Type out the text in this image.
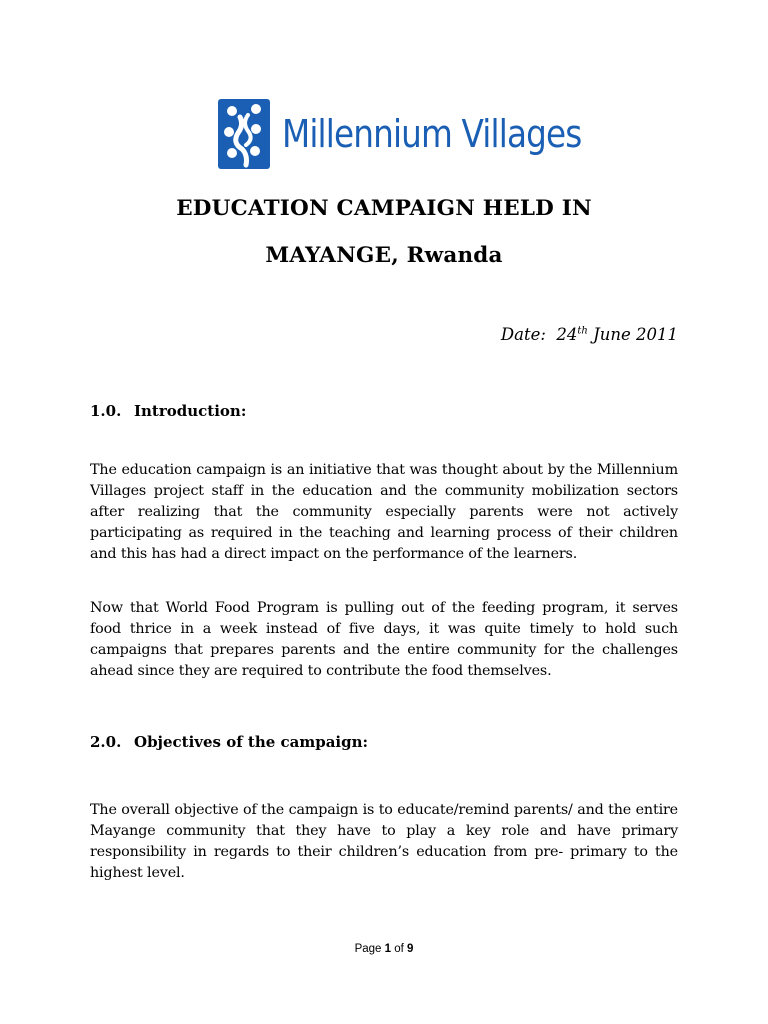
Millennium Villages
EDUCATION CAMPAIGN HELD IN
MAYANGE, Rwanda
Date: 24th June 2011
1.0. Introduction:

The education campaign is an initiative that was thought about by the Millennium Villages project staff in the education and the community mobilization sectors after realizing that the community especially parents were not actively participating as required in the teaching and learning process of their children and this has had a direct impact on the performance of the learners.

Now that World Food Program is pulling out of the feeding program, it serves food thrice in a week instead of five days, it was quite timely to hold such campaigns that prepares parents and the entire community for the challenges ahead since they are required to contribute the food themselves.

2.0. Objectives of the campaign:

The overall objective of the campaign is to educate/remind parents/ and the entire Mayange community that they have to play a key role and have primary responsibility in regards to their children’s education from pre- primary to the highest level.

Page 1 of 9
